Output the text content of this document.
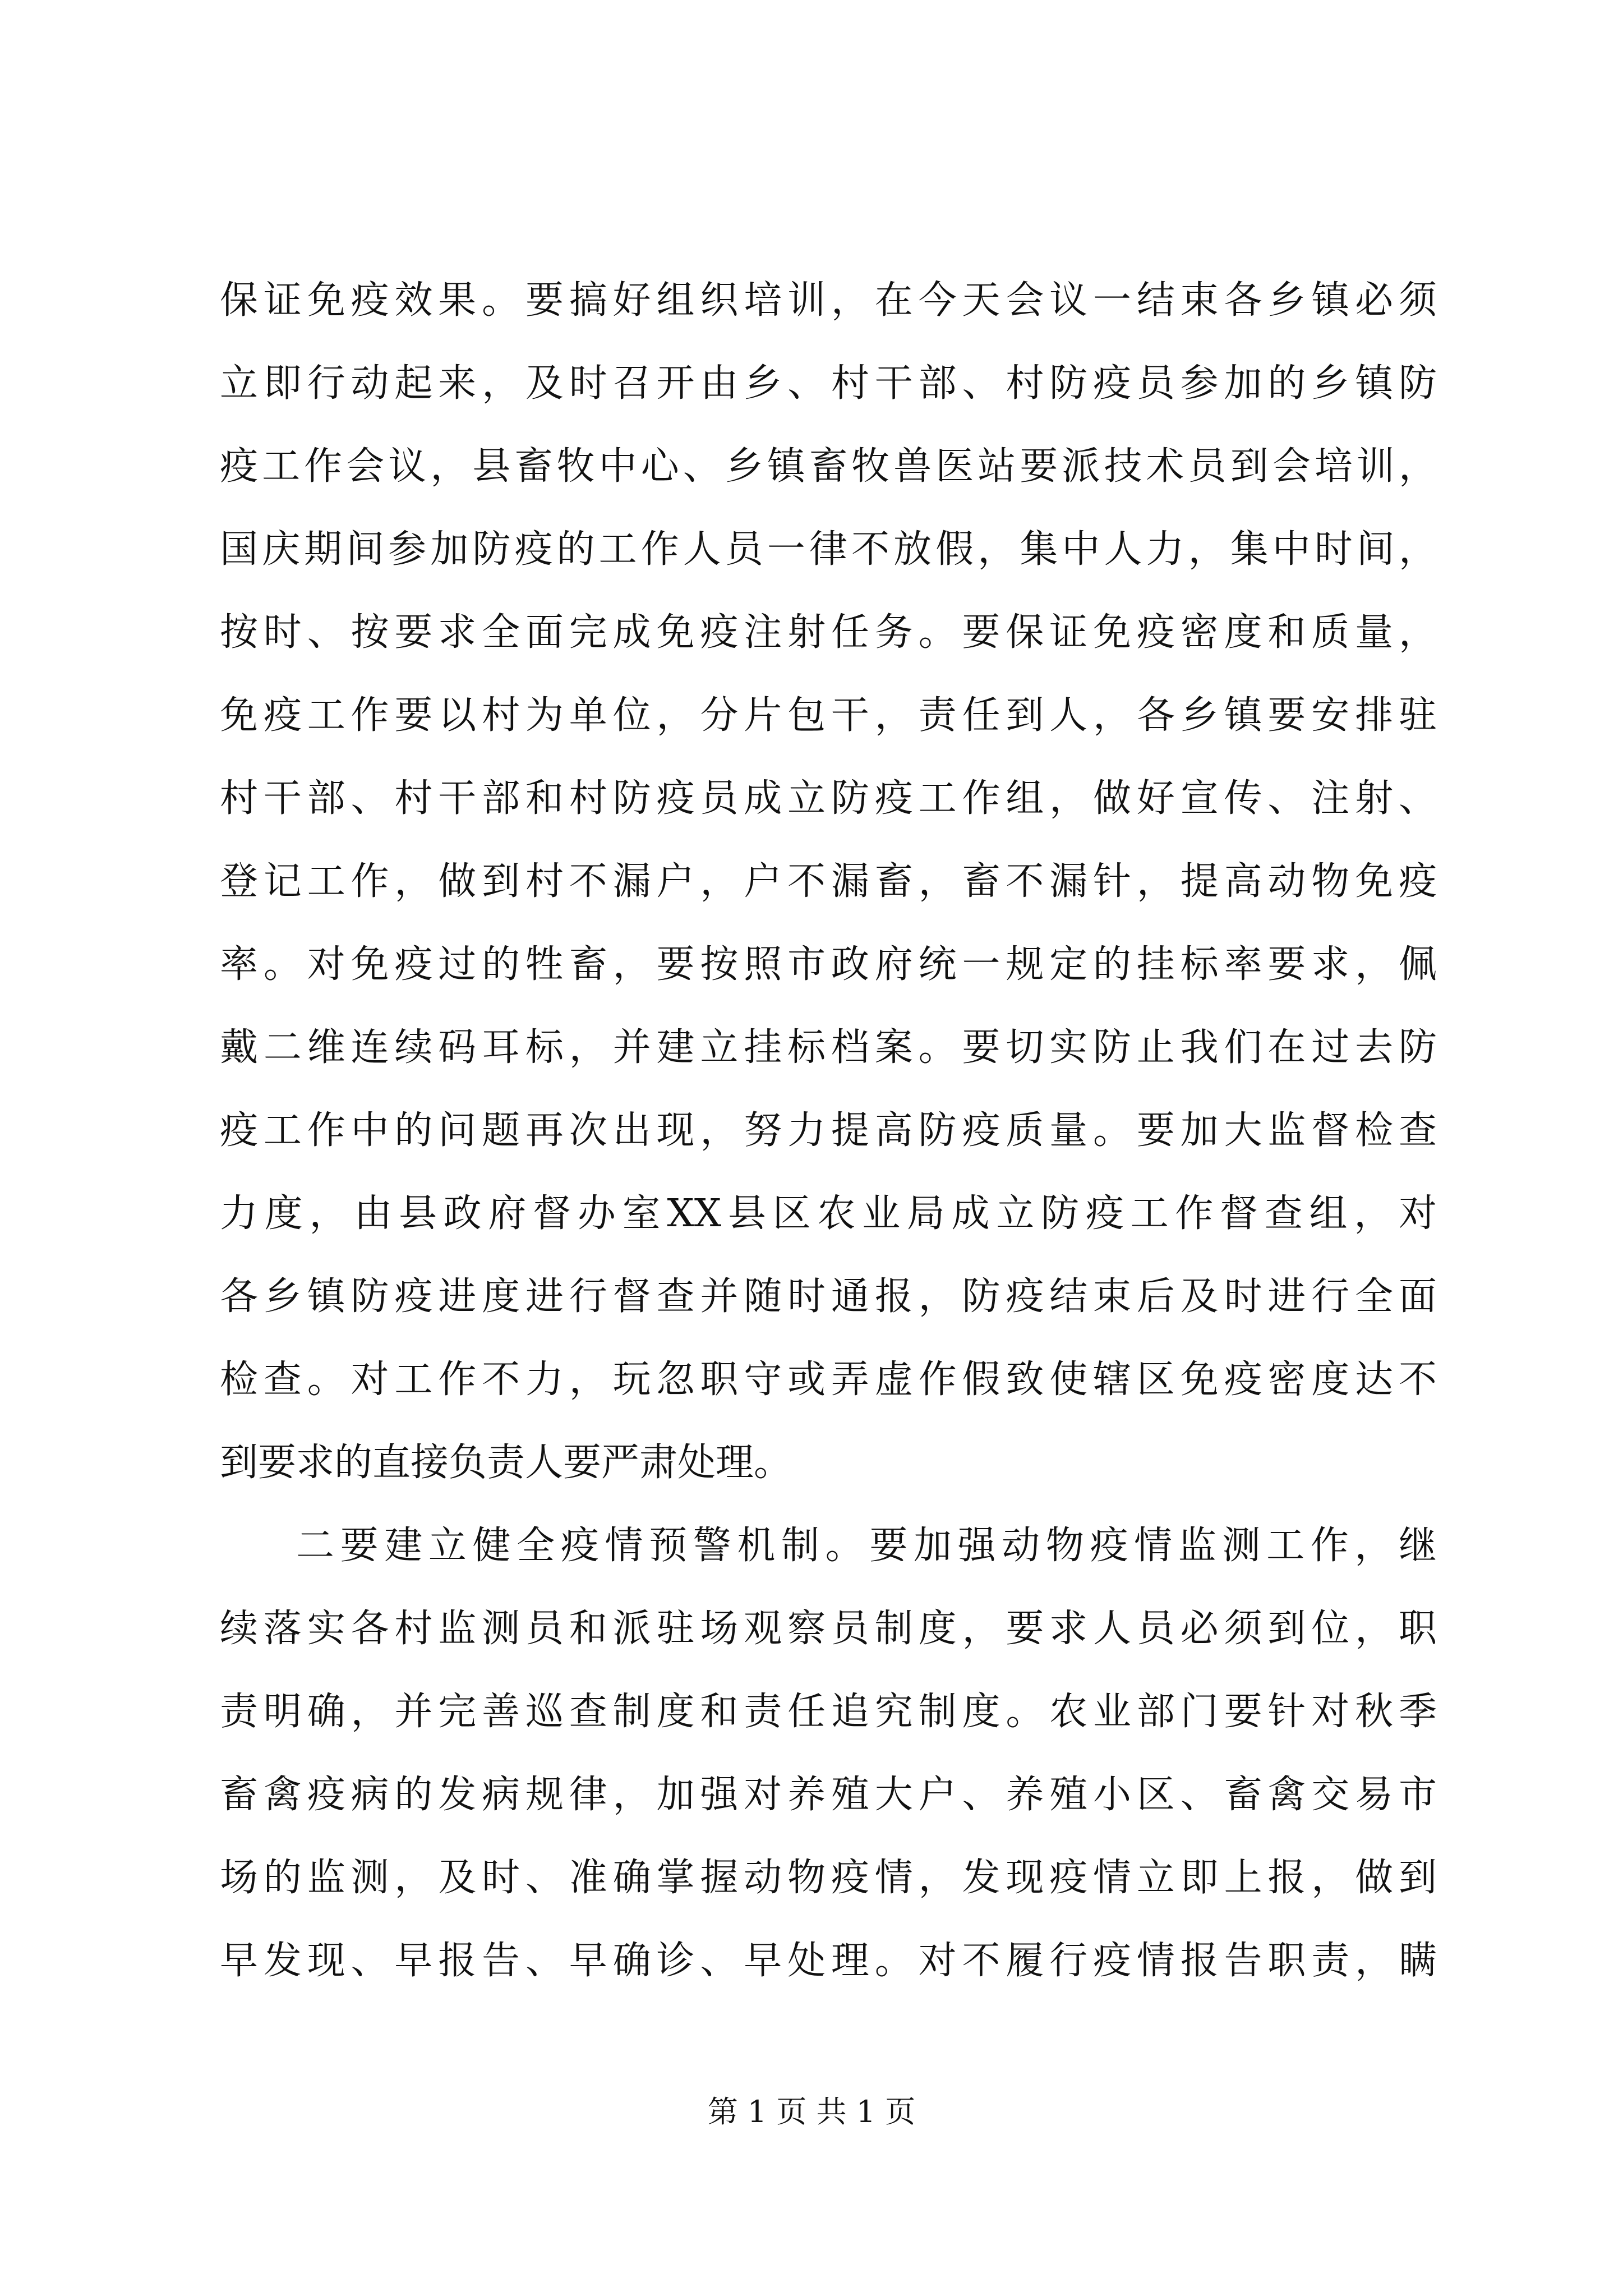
保证免疫效果。要搞好组织培训，在今天会议一结束各乡镇必须
立即行动起来，及时召开由乡、村干部、村防疫员参加的乡镇防
疫工作会议，县畜牧中心、乡镇畜牧兽医站要派技术员到会培训，
国庆期间参加防疫的工作人员一律不放假，集中人力，集中时间，
按时、按要求全面完成免疫注射任务。要保证免疫密度和质量，
免疫工作要以村为单位，分片包干，责任到人，各乡镇要安排驻
村干部、村干部和村防疫员成立防疫工作组，做好宣传、注射、
登记工作，做到村不漏户，户不漏畜，畜不漏针，提高动物免疫
率。对免疫过的牲畜，要按照市政府统一规定的挂标率要求，佩
戴二维连续码耳标，并建立挂标档案。要切实防止我们在过去防
疫工作中的问题再次出现，努力提高防疫质量。要加大监督检查
力度，由县政府督办室XX县区农业局成立防疫工作督查组，对
各乡镇防疫进度进行督查并随时通报，防疫结束后及时进行全面
检查。对工作不力，玩忽职守或弄虚作假致使辖区免疫密度达不
到要求的直接负责人要严肃处理。
二要建立健全疫情预警机制。要加强动物疫情监测工作，继
续落实各村监测员和派驻场观察员制度，要求人员必须到位，职
责明确，并完善巡查制度和责任追究制度。农业部门要针对秋季
畜禽疫病的发病规律，加强对养殖大户、养殖小区、畜禽交易市
场的监测，及时、准确掌握动物疫情，发现疫情立即上报，做到
早发现、早报告、早确诊、早处理。对不履行疫情报告职责，瞒
第 1 页 共 1 页
